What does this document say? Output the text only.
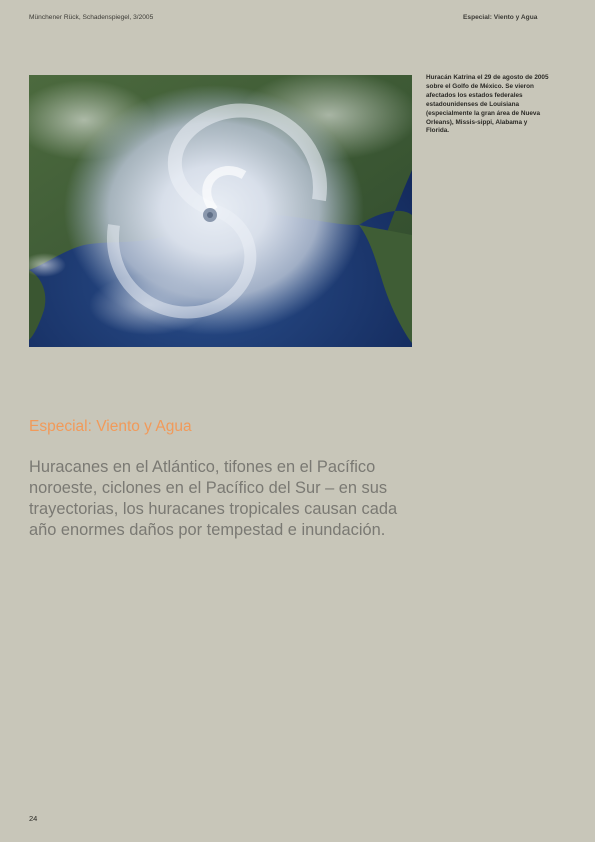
Münchener Rück, Schadenspiegel, 3/2005	Especial: Viento y Agua
Huracán Katrina el 29 de agosto de 2005 sobre el Golfo de México. Se vieron afectados los estados federales estadounidenses de Louisiana (especialmente la gran área de Nueva Orleans), Missis-sippi, Alabama y Florida.
Especial: Viento y Agua
Huracanes en el Atlántico, tifones en el Pacífico noroeste, ciclones en el Pacífico del Sur – en sus trayectorias, los huracanes tropicales causan cada año enormes daños por tempestad e inundación.
24
